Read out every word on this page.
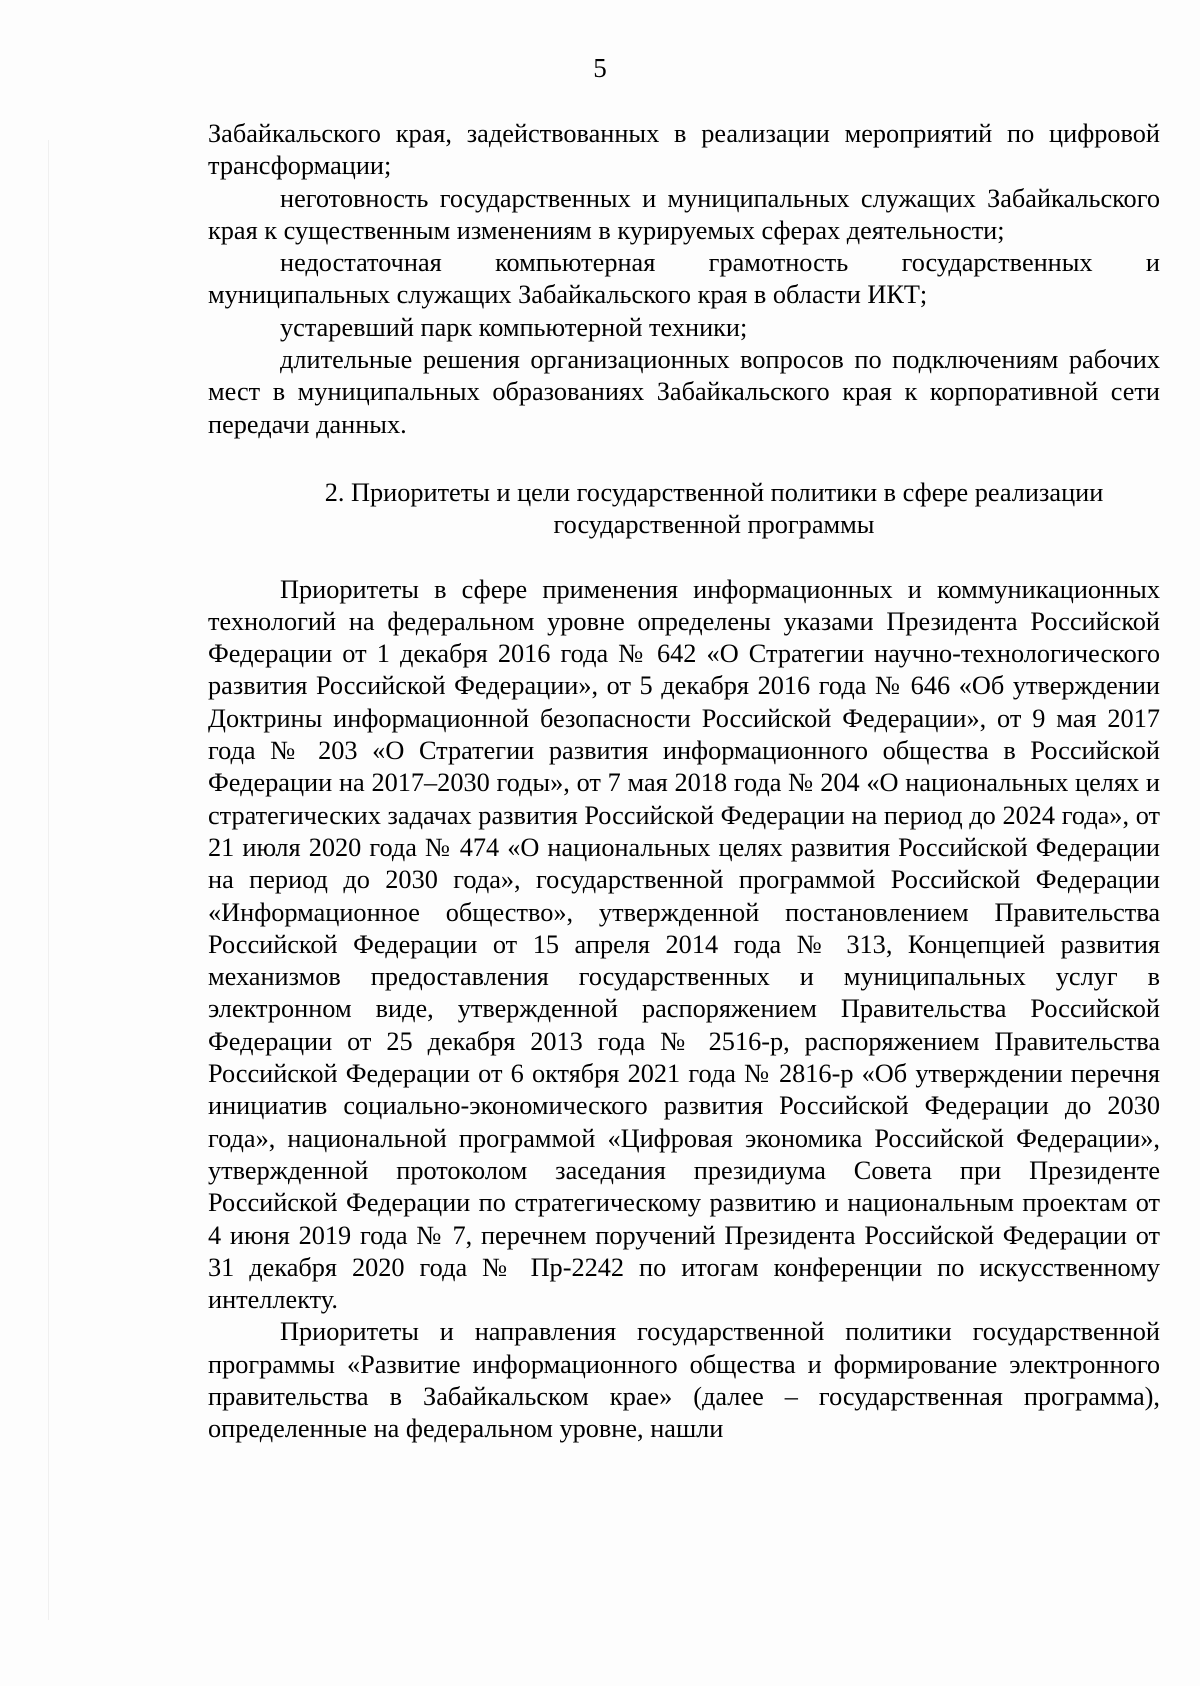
5

Забайкальского края, задействованных в реализации мероприятий по цифровой трансформации;

неготовность государственных и муниципальных служащих Забайкальского края к существенным изменениям в курируемых сферах деятельности;

недостаточная компьютерная грамотность государственных и муниципальных служащих Забайкальского края в области ИКТ;

устаревший парк компьютерной техники;

длительные решения организационных вопросов по подключениям рабочих мест в муниципальных образованиях Забайкальского края к корпоративной сети передачи данных.

2. Приоритеты и цели государственной политики в сфере реализации

государственной программы

Приоритеты в сфере применения информационных и коммуникационных технологий на федеральном уровне определены указами Президента Российской Федерации от 1 декабря 2016 года № 642 «О Стратегии научно-технологического развития Российской Федерации», от 5 декабря 2016 года № 646 «Об утверждении Доктрины информационной безопасности Российской Федерации», от 9 мая 2017 года № 203 «О Стратегии развития информационного общества в Российской Федерации на 2017–2030 годы», от 7 мая 2018 года № 204 «О национальных целях и стратегических задачах развития Российской Федерации на период до 2024 года», от 21 июля 2020 года № 474 «О национальных целях развития Российской Федерации на период до 2030 года», государственной программой Российской Федерации «Информационное общество», утвержденной постановлением Правительства Российской Федерации от 15 апреля 2014 года № 313, Концепцией развития механизмов предоставления государственных и муниципальных услуг в электронном виде, утвержденной распоряжением Правительства Российской Федерации от 25 декабря 2013 года № 2516-р, распоряжением Правительства Российской Федерации от 6 октября 2021 года № 2816-р «Об утверждении перечня инициатив социально-экономического развития Российской Федерации до 2030 года», национальной программой «Цифровая экономика Российской Федерации», утвержденной протоколом заседания президиума Совета при Президенте Российской Федерации по стратегическому развитию и национальным проектам от 4 июня 2019 года № 7, перечнем поручений Президента Российской Федерации от 31 декабря 2020 года № Пр-2242 по итогам конференции по искусственному интеллекту.

Приоритеты и направления государственной политики государственной программы «Развитие информационного общества и формирование электронного правительства в Забайкальском крае» (далее – государственная программа), определенные на федеральном уровне, нашли
